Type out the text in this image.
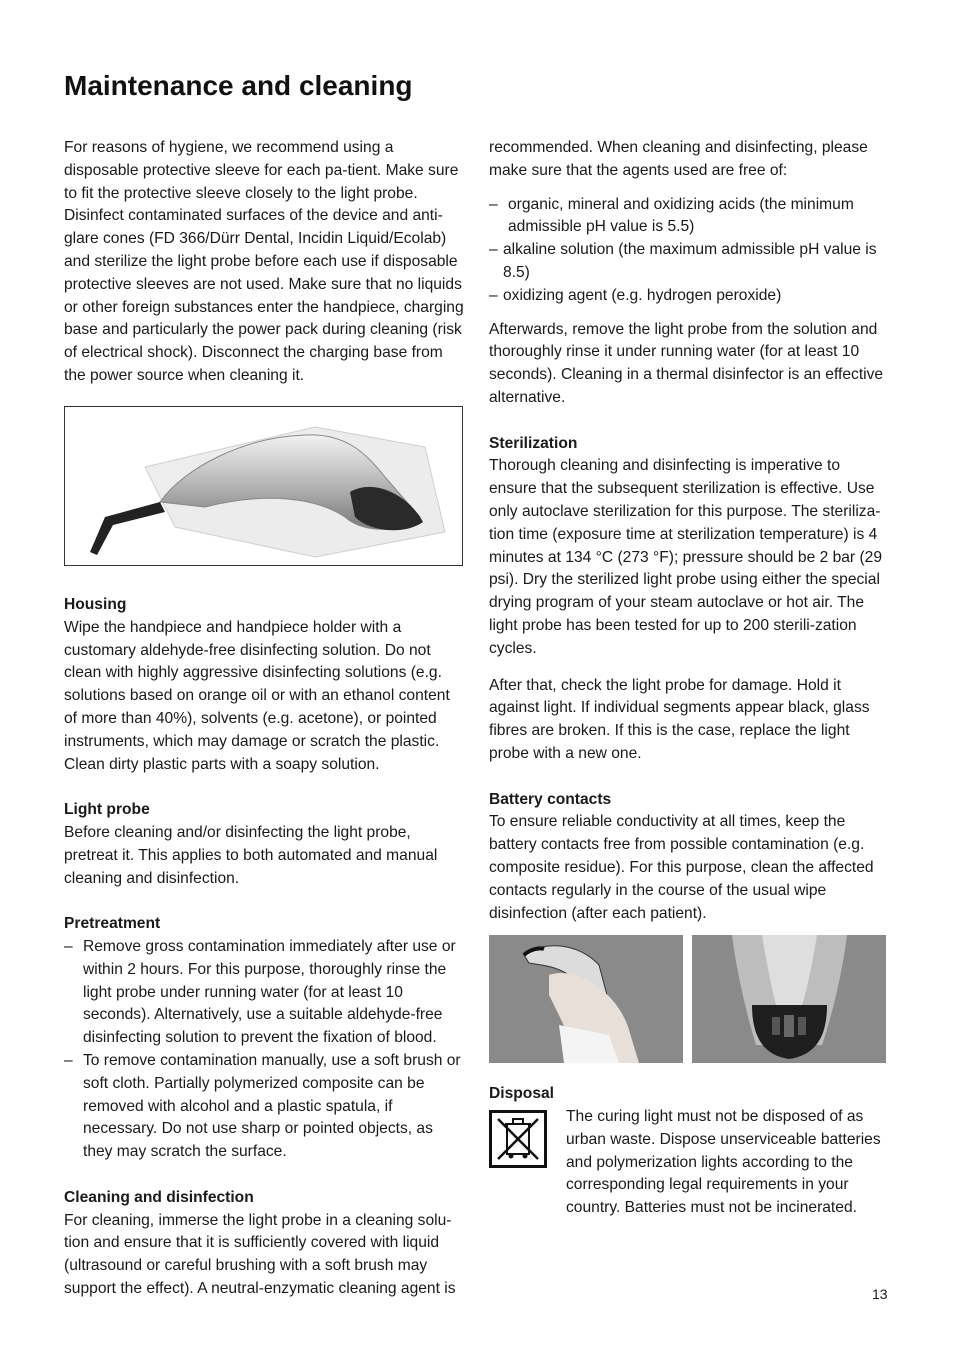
Maintenance and cleaning

For reasons of hygiene, we recommend using a disposable protective sleeve for each pa-tient. Make sure to fit the protective sleeve closely to the light probe. Disinfect contaminated surfaces of the device and anti-glare cones (FD 366/Dürr Dental, Incidin Liquid/Ecolab) and sterilize the light probe before each use if disposable protective sleeves are not used. Make sure that no liquids or other foreign substances enter the handpiece, charging base and particularly the power pack during cleaning (risk of electrical shock). Disconnect the charging base from the power source when cleaning it.

Housing

Wipe the handpiece and handpiece holder with a customary aldehyde-free disinfecting solution. Do not clean with highly aggressive disinfecting solutions (e.g. solutions based on orange oil or with an ethanol content of more than 40%), solvents (e.g. acetone), or pointed instruments, which may damage or scratch the plastic. Clean dirty plastic parts with a soapy solution.

Light probe

Before cleaning and/or disinfecting the light probe, pretreat it. This applies to both automated and manual cleaning and disinfection.

Pretreatment

– Remove gross contamination immediately after use or within 2 hours. For this purpose, thoroughly rinse the light probe under running water (for at least 10 seconds). Alternatively, use a suitable aldehyde-free disinfecting solution to prevent the fixation of blood.
– To remove contamination manually, use a soft brush or soft cloth. Partially polymerized composite can be removed with alcohol and a plastic spatula, if necessary. Do not use sharp or pointed objects, as they may scratch the surface.

Cleaning and disinfection

For cleaning, immerse the light probe in a cleaning solu-tion and ensure that it is sufficiently covered with liquid (ultrasound or careful brushing with a soft brush may support the effect). A neutral-enzymatic cleaning agent is

recommended. When cleaning and disinfecting, please make sure that the agents used are free of:

– organic, mineral and oxidizing acids (the minimum admissible pH value is 5.5)
– alkaline solution (the maximum admissible pH value is 8.5)
– oxidizing agent (e.g. hydrogen peroxide)

Afterwards, remove the light probe from the solution and thoroughly rinse it under running water (for at least 10 seconds). Cleaning in a thermal disinfector is an effective alternative.

Sterilization

Thorough cleaning and disinfecting is imperative to ensure that the subsequent sterilization is effective. Use only autoclave sterilization for this purpose. The steriliza-tion time (exposure time at sterilization temperature) is 4 minutes at 134 °C (273 °F); pressure should be 2 bar (29 psi). Dry the sterilized light probe using either the special drying program of your steam autoclave or hot air. The light probe has been tested for up to 200 sterili-zation cycles.

After that, check the light probe for damage. Hold it against light. If individual segments appear black, glass fibres are broken. If this is the case, replace the light probe with a new one.

Battery contacts

To ensure reliable conductivity at all times, keep the battery contacts free from possible contamination (e.g. composite residue). For this purpose, clean the affected contacts regularly in the course of the usual wipe disinfection (after each patient).

Disposal

The curing light must not be disposed of as urban waste. Dispose unserviceable batteries and polymerization lights according to the corresponding legal requirements in your country. Batteries must not be incinerated.

13
